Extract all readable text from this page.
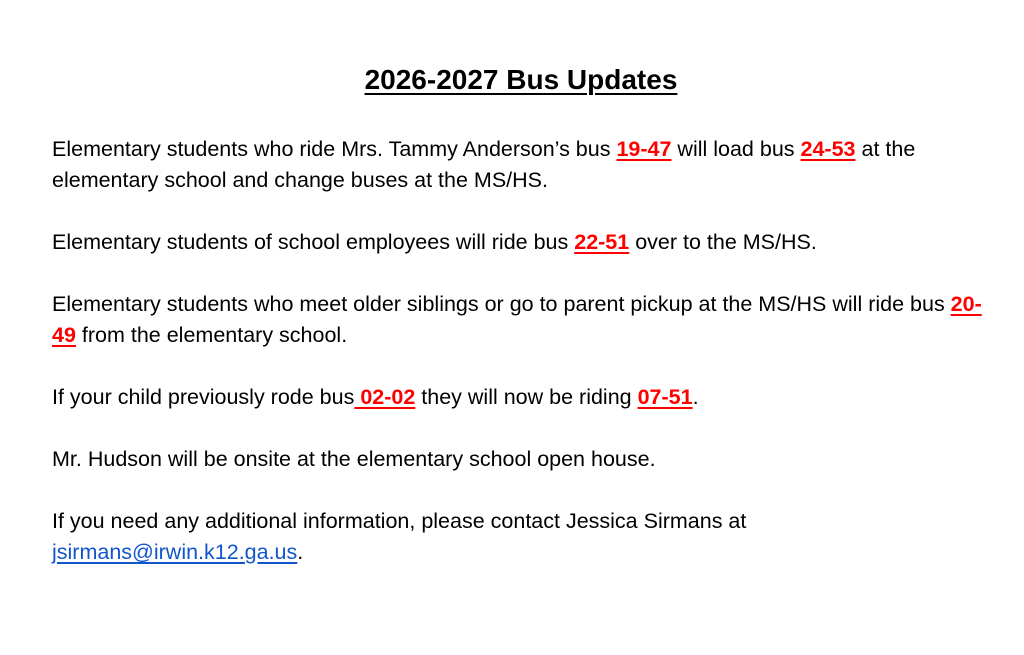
2026-2027 Bus Updates

Elementary students who ride Mrs. Tammy Anderson’s bus 19-47 will load bus 24-53 at the elementary school and change buses at the MS/HS.

Elementary students of school employees will ride bus 22-51 over to the MS/HS.

Elementary students who meet older siblings or go to parent pickup at the MS/HS will ride bus 20-49 from the elementary school.

If your child previously rode bus 02-02 they will now be riding 07-51.

Mr. Hudson will be onsite at the elementary school open house.

If you need any additional information, please contact Jessica Sirmans at jsirmans@irwin.k12.ga.us.
